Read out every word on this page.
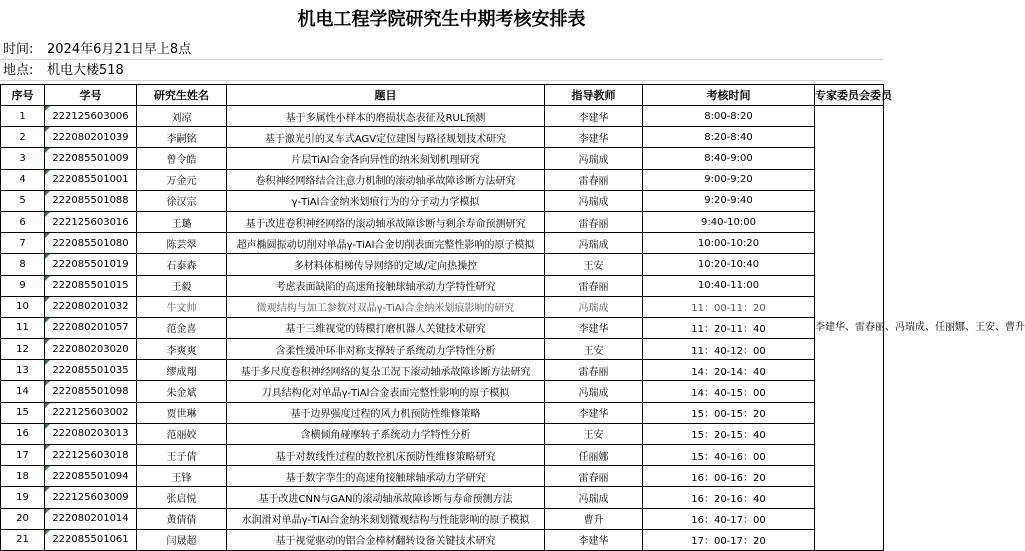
机电工程学院研究生中期考核安排表
时间: 2024年6月21日早上8点
地点: 机电大楼518
序号	学号	研究生姓名	题目	指导教师	考核时间	专家委员会委员
1	222125603006	刘凉	基于多属性小样本的磨损状态表征及RUL预测	李建华	8:00-8:20	李建华、雷春丽、冯瑞成、任丽娜、王安、曹升
2	222080201039	李嗣铭	基于激光引的叉车式AGV定位建图与路径规划技术研究	李建华	8:20-8:40	
3	222085501009	曾令皓	片层TiAl合金各向异性的纳米刻划机理研究	冯瑞成	8:40-9:00	
4	222085501001	万金元	卷积神经网络结合注意力机制的滚动轴承故障诊断方法研究	雷春丽	9:00-9:20	
5	222085501088	徐汉宗	γ-TiAl合金纳米划痕行为的分子动力学模拟	冯瑞成	9:20-9:40	
6	222125603016	王璐	基于改进卷积神经网络的滚动轴承故障诊断与剩余寿命预测研究	雷春丽	9:40-10:00	
7	222085501080	陈芸翠	超声椭圆振动切削对单晶γ-TiAl合金切削表面完整性影响的原子模拟	冯瑞成	10:00-10:20	
8	222085501019	石泰森	多材料体相梯传导网络的定域/定向热操控	王安	10:20-10:40	
9	222085501015	王毅	考虑表面缺陷的高速角接触球轴承动力学特性研究	雷春丽	10:40-11:00	
10	222080201032	牛文帅	微观结构与加工参数对双晶γ-TiAl合金纳米划痕影响的研究	冯瑞成	11：00-11：20	
11	222080201057	范金喜	基于三维视觉的铸模打磨机器人关键技术研究	李建华	11：20-11：40	
12	222080203020	李爽爽	含柔性缓冲环非对称支撑转子系统动力学特性分析	王安	11：40-12：00	
13	222085501035	缪成翔	基于多尺度卷积神经网络的复杂工况下滚动轴承故障诊断方法研究	雷春丽	14：20-14：40	
14	222085501098	朱金斌	刀具结构化对单晶γ-TiAl合金表面完整性影响的原子模拟	冯瑞成	14：40-15：00	
15	222125603002	贾世琳	基于边界强度过程的风力机预防性维修策略	李建华	15：00-15：20	
16	222080203013	范丽姣	含横倾角碰摩转子系统动力学特性分析	王安	15：20-15：40	
17	222125603018	王子倩	基于对数线性过程的数控机床预防性维修策略研究	任丽娜	15：40-16：00	
18	222085501094	王锋	基于数字孪生的高速角接触球轴承动力学研究	雷春丽	16：00-16：20	
19	222125603009	张启悦	基于改进CNN与GAN的滚动轴承故障诊断与寿命预测方法	冯瑞成	16：20-16：40	
20	222080201014	黄倩倩	水润滑对单晶γ-TiAl合金纳米刻划微观结构与性能影响的原子模拟	曹升	16：40-17：00	
21	222085501061	闫晟超	基于视觉驱动的铝合金棒材翻转设备关键技术研究	李建华	17：00-17：20	
